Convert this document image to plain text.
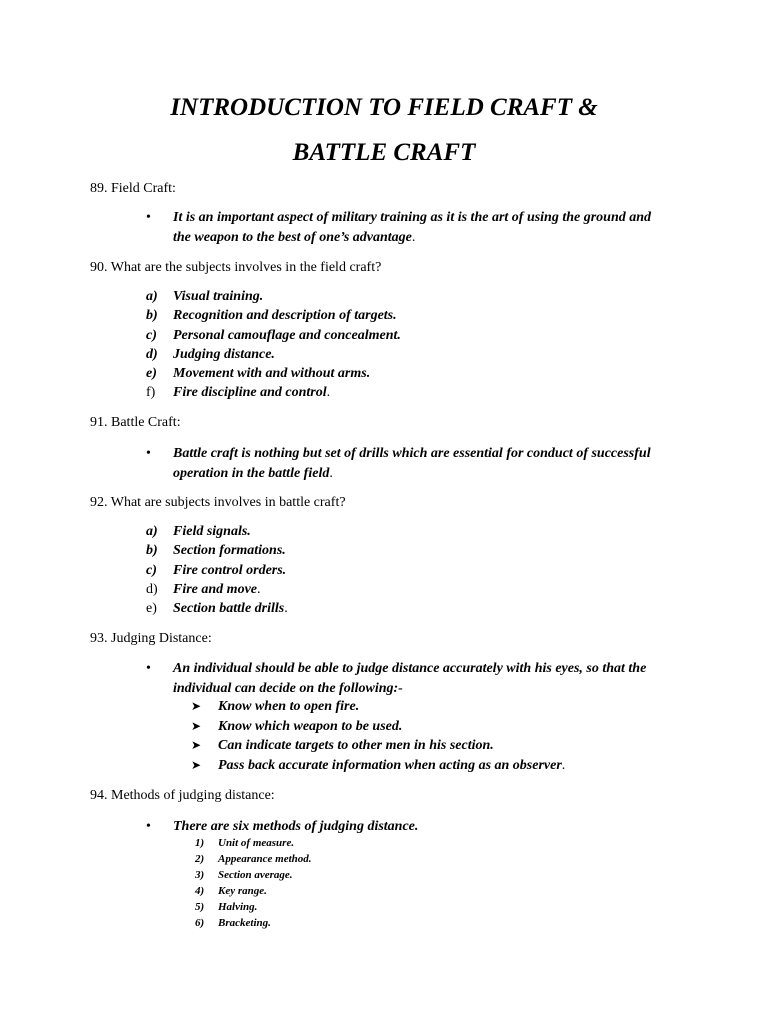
INTRODUCTION TO FIELD CRAFT &
BATTLE CRAFT

89. Field Craft:

• It is an important aspect of military training as it is the art of using the ground and the weapon to the best of one’s advantage.

90. What are the subjects involves in the field craft?

a)	Visual training.
b)	Recognition and description of targets.
c)	Personal camouflage and concealment.
d)	Judging distance.
e)	Movement with and without arms.
f)	Fire discipline and control .

91. Battle Craft:

• Battle craft is nothing but set of drills which are essential for conduct of successful operation in the battle field.

92. What are subjects involves in battle craft?

a)	Field signals.
b)	Section formations.
c)	Fire control orders.
d)	Fire and move .
e)	Section battle drills .

93. Judging Distance:

• An individual should be able to judge distance accurately with his eyes, so that the individual can decide on the following:-
➤	Know when to open fire.
➤	Know which weapon to be used.
➤	Can indicate targets to other men in his section.
➤	Pass back accurate information when acting as an observer .

94. Methods of judging distance:

• There are six methods of judging distance.
1)	Unit of measure.
2)	Appearance method.
3)	Section average.
4)	Key range.
5)	Halving.
6)	Bracketing.
